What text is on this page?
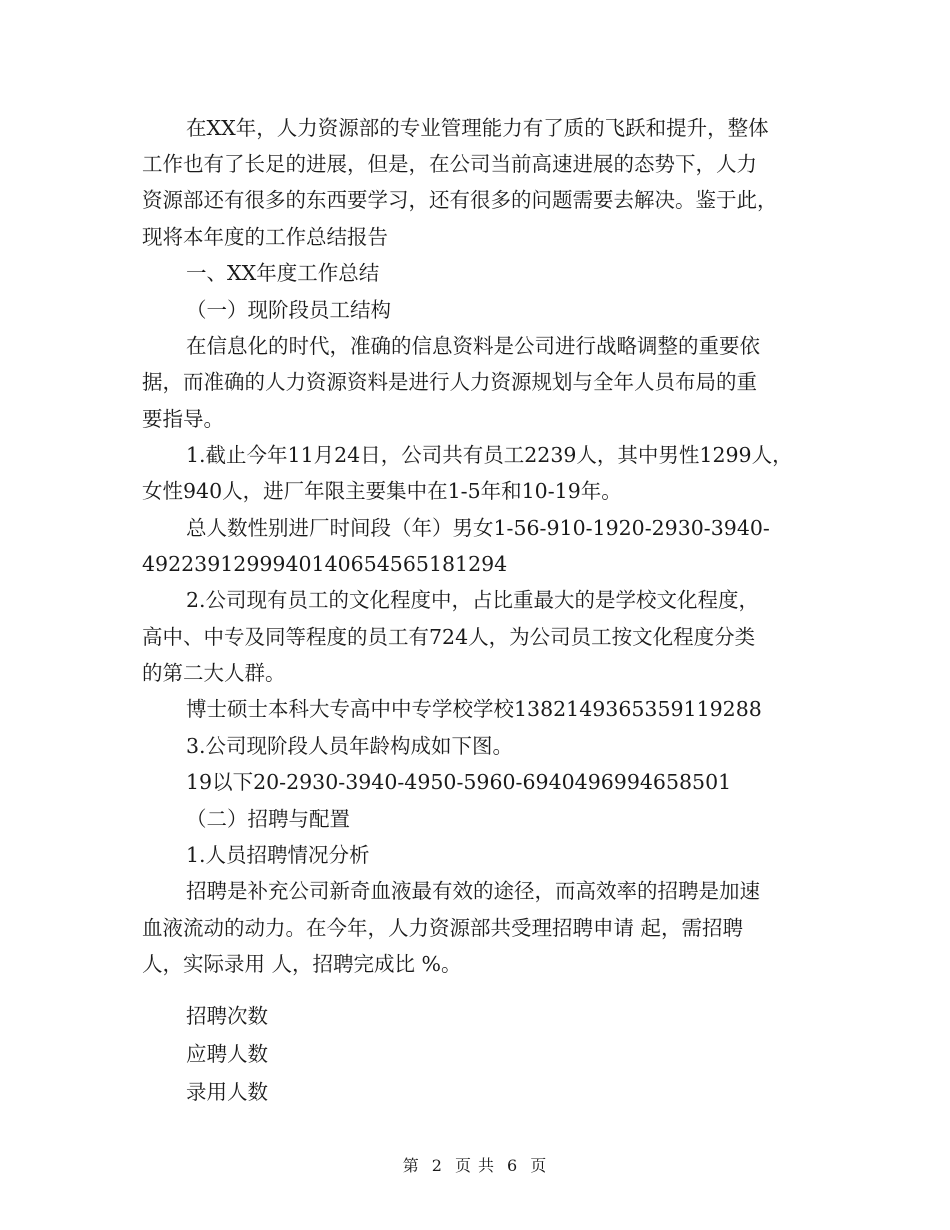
在XX年，人力资源部的专业管理能力有了质的飞跃和提升，整体
工作也有了长足的进展，但是，在公司当前高速进展的态势下，人力
资源部还有很多的东西要学习，还有很多的问题需要去解决。鉴于此，
现将本年度的工作总结报告
一、XX年度工作总结
（一）现阶段员工结构
在信息化的时代，准确的信息资料是公司进行战略调整的重要依
据，而准确的人力资源资料是进行人力资源规划与全年人员布局的重
要指导。
1.截止今年11月24日，公司共有员工2239人，其中男性1299人，
女性940人，进厂年限主要集中在1-5年和10-19年。
总人数性别进厂时间段（年）男女1-56-910-1920-2930-3940-
4922391299940140654565181294
2.公司现有员工的文化程度中，占比重最大的是学校文化程度，
高中、中专及同等程度的员工有724人，为公司员工按文化程度分类
的第二大人群。
博士硕士本科大专高中中专学校学校1382149365359119288
3.公司现阶段人员年龄构成如下图。
19以下20-2930-3940-4950-5960-6940496994658501
（二）招聘与配置
1.人员招聘情况分析
招聘是补充公司新奇血液最有效的途径，而高效率的招聘是加速
血液流动的动力。在今年，人力资源部共受理招聘申请 起，需招聘
人，实际录用 人，招聘完成比 %。
招聘次数
应聘人数
录用人数
第 2 页 共 6 页
